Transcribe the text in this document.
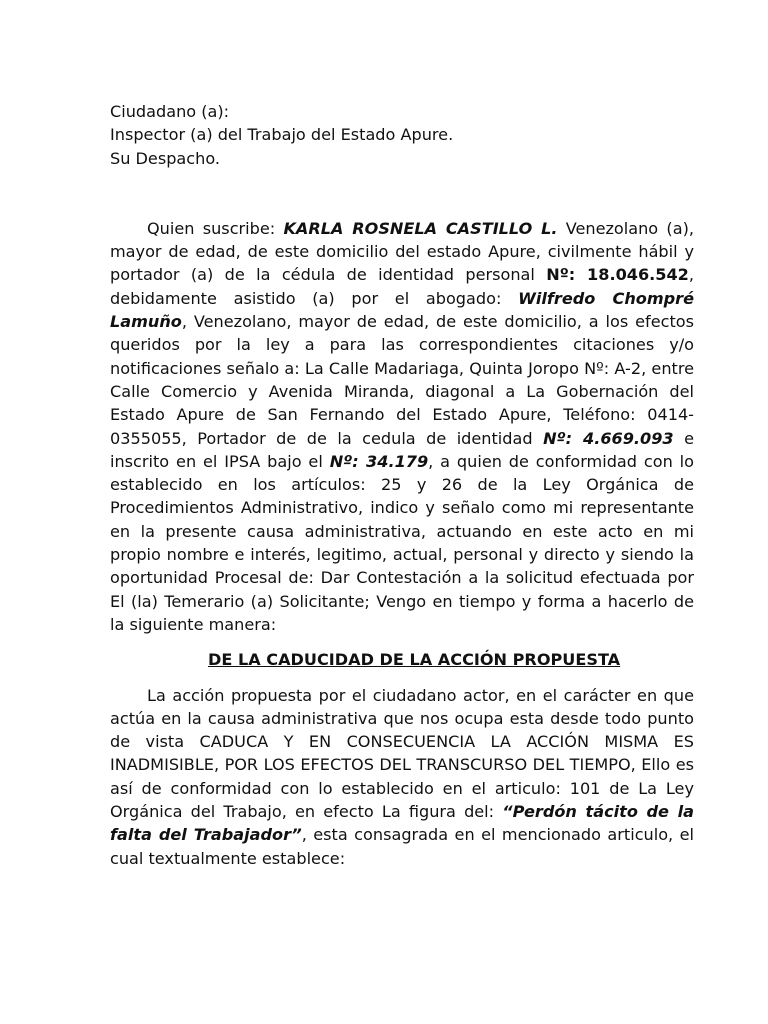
Ciudadano (a):
Inspector (a) del Trabajo del Estado Apure.
Su Despacho.

Quien suscribe: KARLA ROSNELA CASTILLO L. Venezolano (a), mayor de edad, de este domicilio del estado Apure, civilmente hábil y portador (a) de la cédula de identidad personal Nº: 18.046.542, debidamente asistido (a) por el abogado: Wilfredo Chompré Lamuño, Venezolano, mayor de edad, de este domicilio, a los efectos queridos por la ley a para las correspondientes citaciones y/o notificaciones señalo a: La Calle Madariaga, Quinta Joropo Nº: A-2, entre Calle Comercio y Avenida Miranda, diagonal a La Gobernación del Estado Apure de San Fernando del Estado Apure, Teléfono: 0414-0355055, Portador de de la cedula de identidad Nº: 4.669.093 e inscrito en el IPSA bajo el Nº: 34.179, a quien de conformidad con lo establecido en los artículos: 25 y 26 de la Ley Orgánica de Procedimientos Administrativo, indico y señalo como mi representante en la presente causa administrativa, actuando en este acto en mi propio nombre e interés, legitimo, actual, personal y directo y siendo la oportunidad Procesal de: Dar Contestación a la solicitud efectuada por El (la) Temerario (a) Solicitante; Vengo en tiempo y forma a hacerlo de la siguiente manera:

DE LA CADUCIDAD DE LA ACCIÓN PROPUESTA

La acción propuesta por el ciudadano actor, en el carácter en que actúa en la causa administrativa que nos ocupa esta desde todo punto de vista CADUCA Y EN CONSECUENCIA LA ACCIÓN MISMA ES INADMISIBLE, POR LOS EFECTOS DEL TRANSCURSO DEL TIEMPO, Ello es así de conformidad con lo establecido en el articulo: 101 de La Ley Orgánica del Trabajo, en efecto La figura del: “Perdón tácito de la falta del Trabajador”, esta consagrada en el mencionado articulo, el cual textualmente establece:
